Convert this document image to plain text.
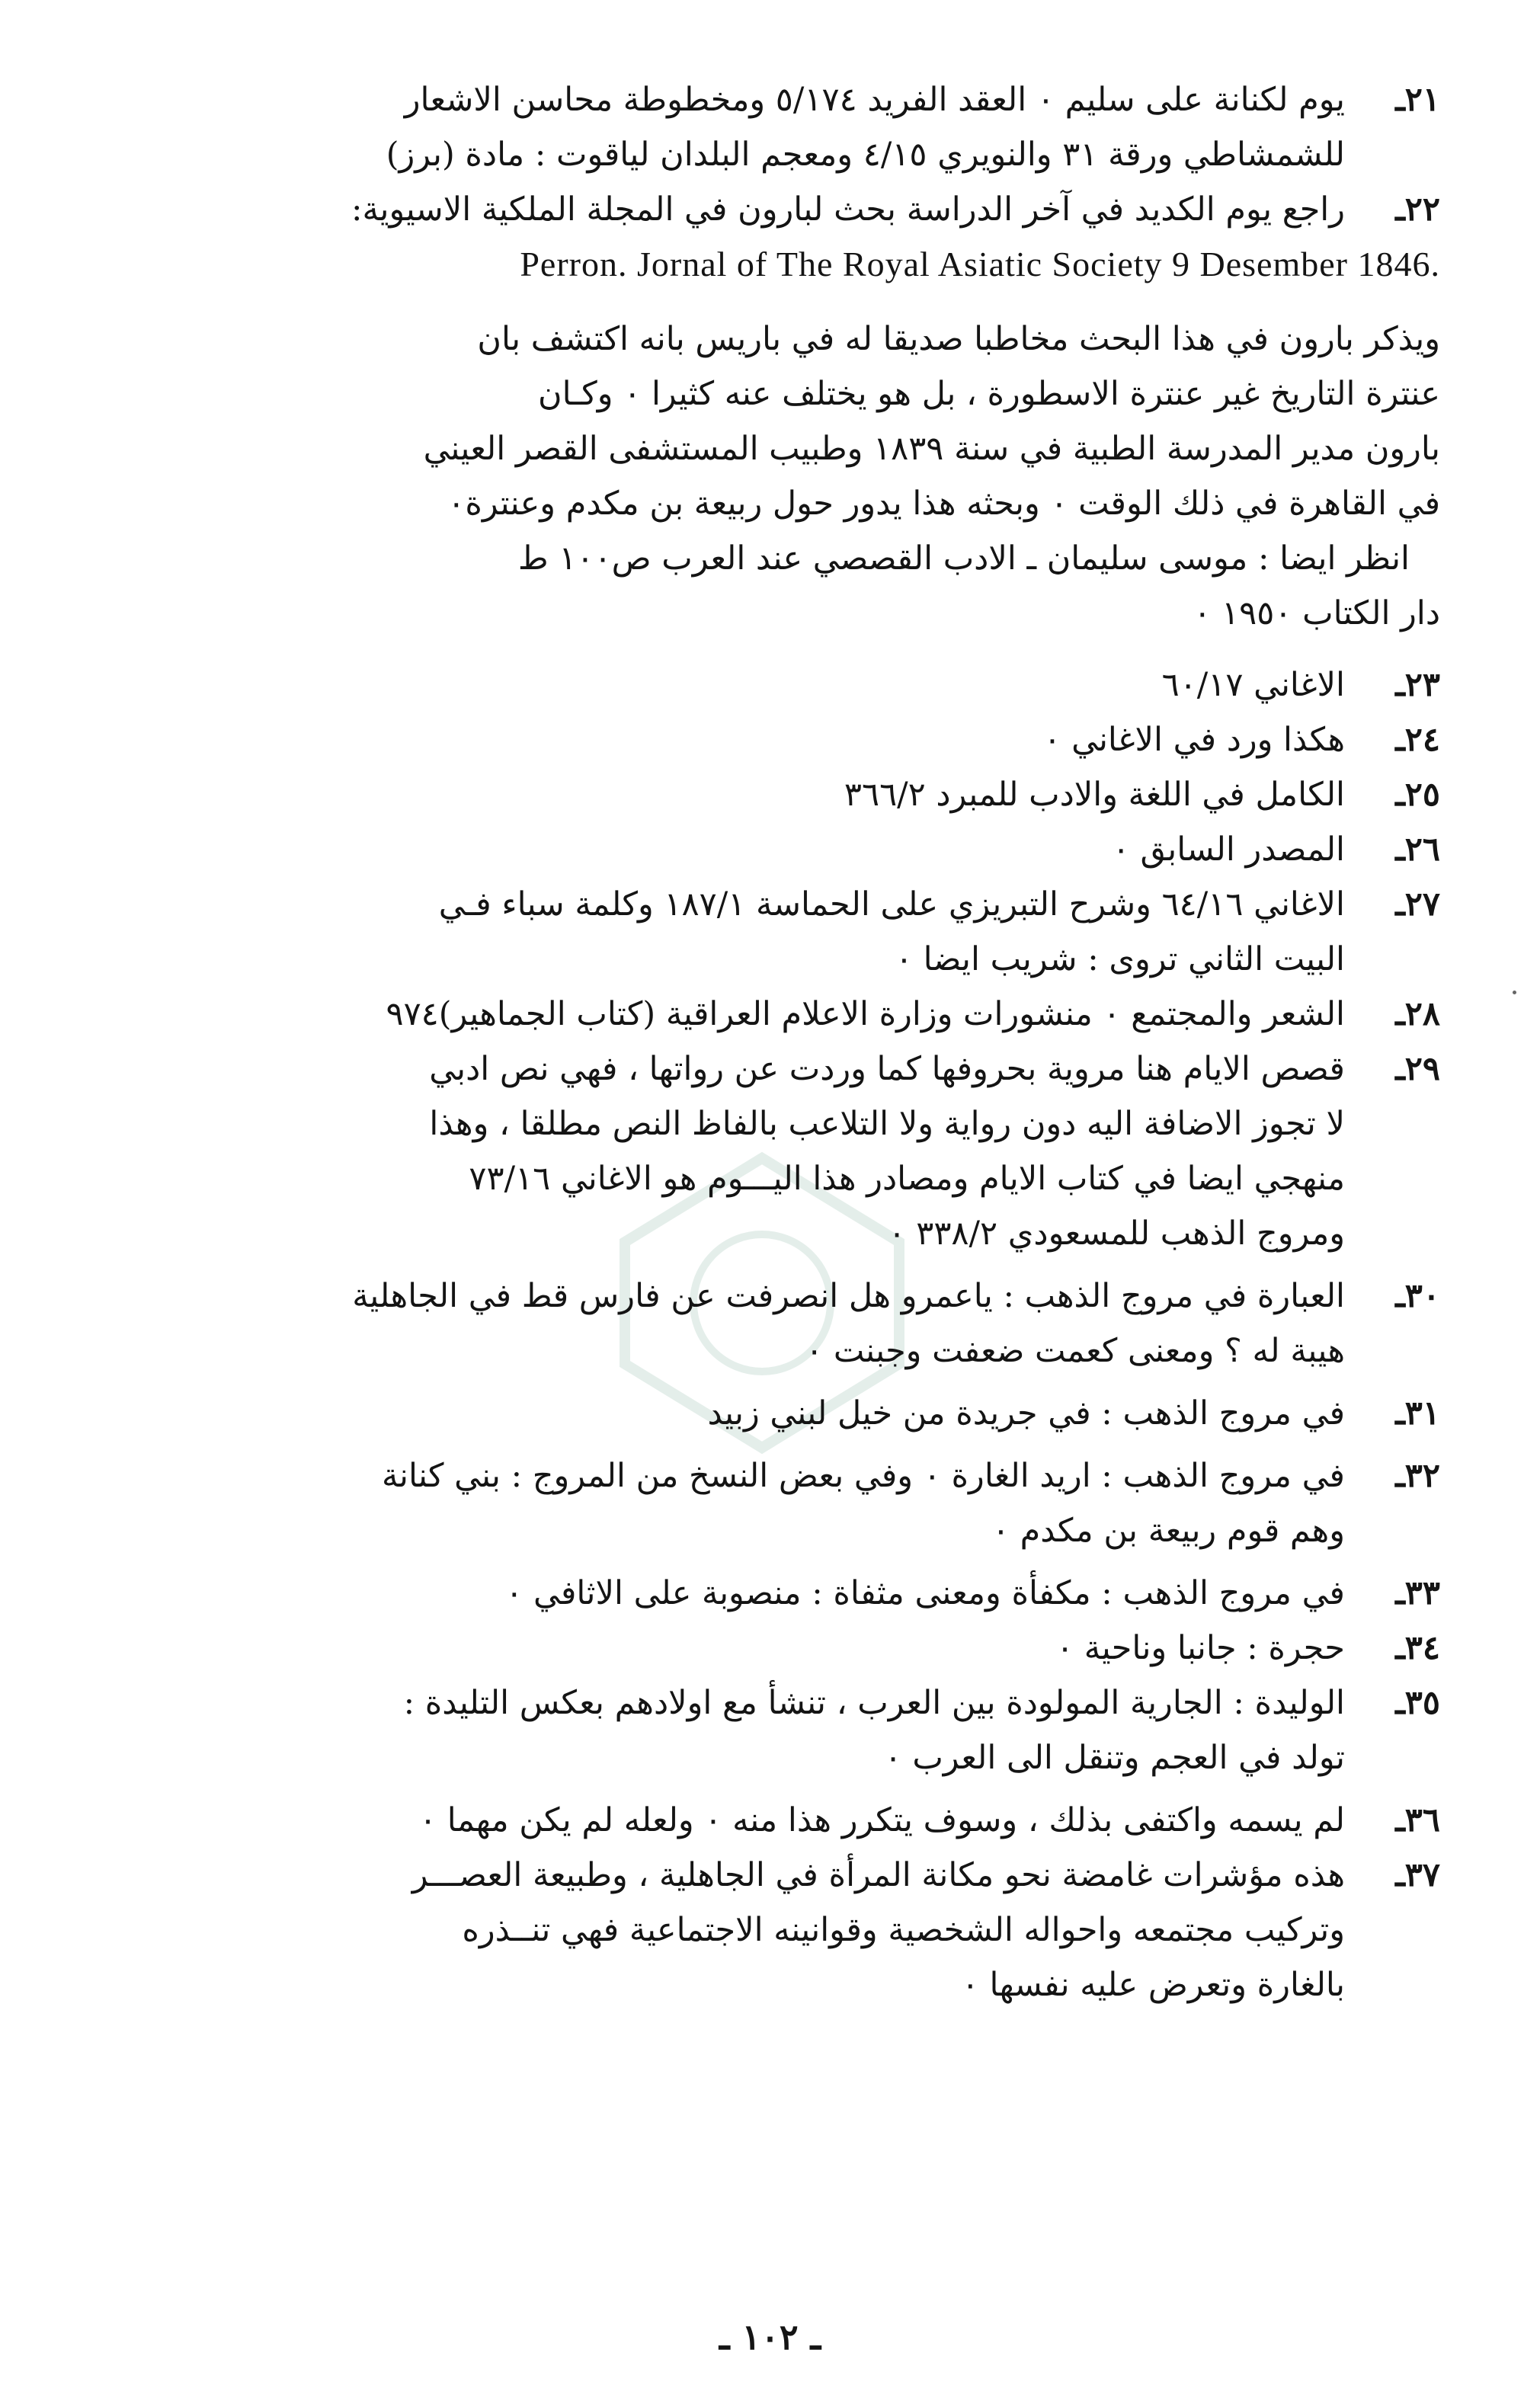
٢١ـ
يوم لكنانة على سليم ٠ العقد الفريد ٥/١٧٤ ومخطوطة محاسن الاشعار
للشمشاطي ورقة ٣١ والنويري ٤/١٥ ومعجم البلدان لياقوت : مادة (برز)
٢٢ـ
راجع يوم الكديد في آخر الدراسة بحث لبارون في المجلة الملكية الاسيوية:
Perron. Jornal of The Royal Asiatic Society 9 Desember 1846.
ويذكر بارون في هذا البحث مخاطبا صديقا له في باريس بانه اكتشف بان
عنترة التاريخ غير عنترة الاسطورة ، بل هو يختلف عنه كثيرا ٠ وكـان
بارون مدير المدرسة الطبية في سنة ١٨٣٩ وطبيب المستشفى القصر العيني
في القاهرة في ذلك الوقت ٠ وبحثه هذا يدور حول ربيعة بن مكدم وعنترة٠
انظر ايضا : موسى سليمان ـ الادب القصصي عند العرب ص١٠٠ ط
دار الكتاب ١٩٥٠ ٠
٢٣ـ
الاغاني ٦٠/١٧
٢٤ـ
هكذا ورد في الاغاني ٠
٢٥ـ
الكامل في اللغة والادب للمبرد ٣٦٦/٢
٢٦ـ
المصدر السابق ٠
٢٧ـ
الاغاني ٦٤/١٦ وشرح التبريزي على الحماسة ١٨٧/١ وكلمة سباء فـي
البيت الثاني تروى : شريب ايضا ٠
٢٨ـ
الشعر والمجتمع ٠ منشورات وزارة الاعلام العراقية (كتاب الجماهير)٩٧٤
٢٩ـ
قصص الايام هنا مروية بحروفها كما وردت عن رواتها ، فهي نص ادبي
لا تجوز الاضافة اليه دون رواية ولا التلاعب بالفاظ النص مطلقا ، وهذا
منهجي ايضا في كتاب الايام ومصادر هذا اليـــوم هو الاغاني ٧٣/١٦
ومروج الذهب للمسعودي ٣٣٨/٢ ٠
٣٠ـ
العبارة في مروج الذهب : ياعمرو هل انصرفت عن فارس قط في الجاهلية
هيبة له ؟ ومعنى كعمت ضعفت وجبنت ٠
٣١ـ
في مروج الذهب : في جريدة من خيل لبني زبيد
٣٢ـ
في مروج الذهب : اريد الغارة ٠ وفي بعض النسخ من المروج : بني كنانة
وهم قوم ربيعة بن مكدم ٠
٣٣ـ
في مروج الذهب : مكفأة ومعنى مثفاة : منصوبة على الاثافي ٠
٣٤ـ
حجرة : جانبا وناحية ٠
٣٥ـ
الوليدة : الجارية المولودة بين العرب ، تنشأ مع اولادهم بعكس التليدة :
تولد في العجم وتنقل الى العرب ٠
٣٦ـ
لم يسمه واكتفى بذلك ، وسوف يتكرر هذا منه ٠ ولعله لم يكن مهما ٠
٣٧ـ
هذه مؤشرات غامضة نحو مكانة المرأة في الجاهلية ، وطبيعة العصـــر
وتركيب مجتمعه واحواله الشخصية وقوانينه الاجتماعية فهي تنــذره
بالغارة وتعرض عليه نفسها ٠
ـ ١٠٢ ـ
